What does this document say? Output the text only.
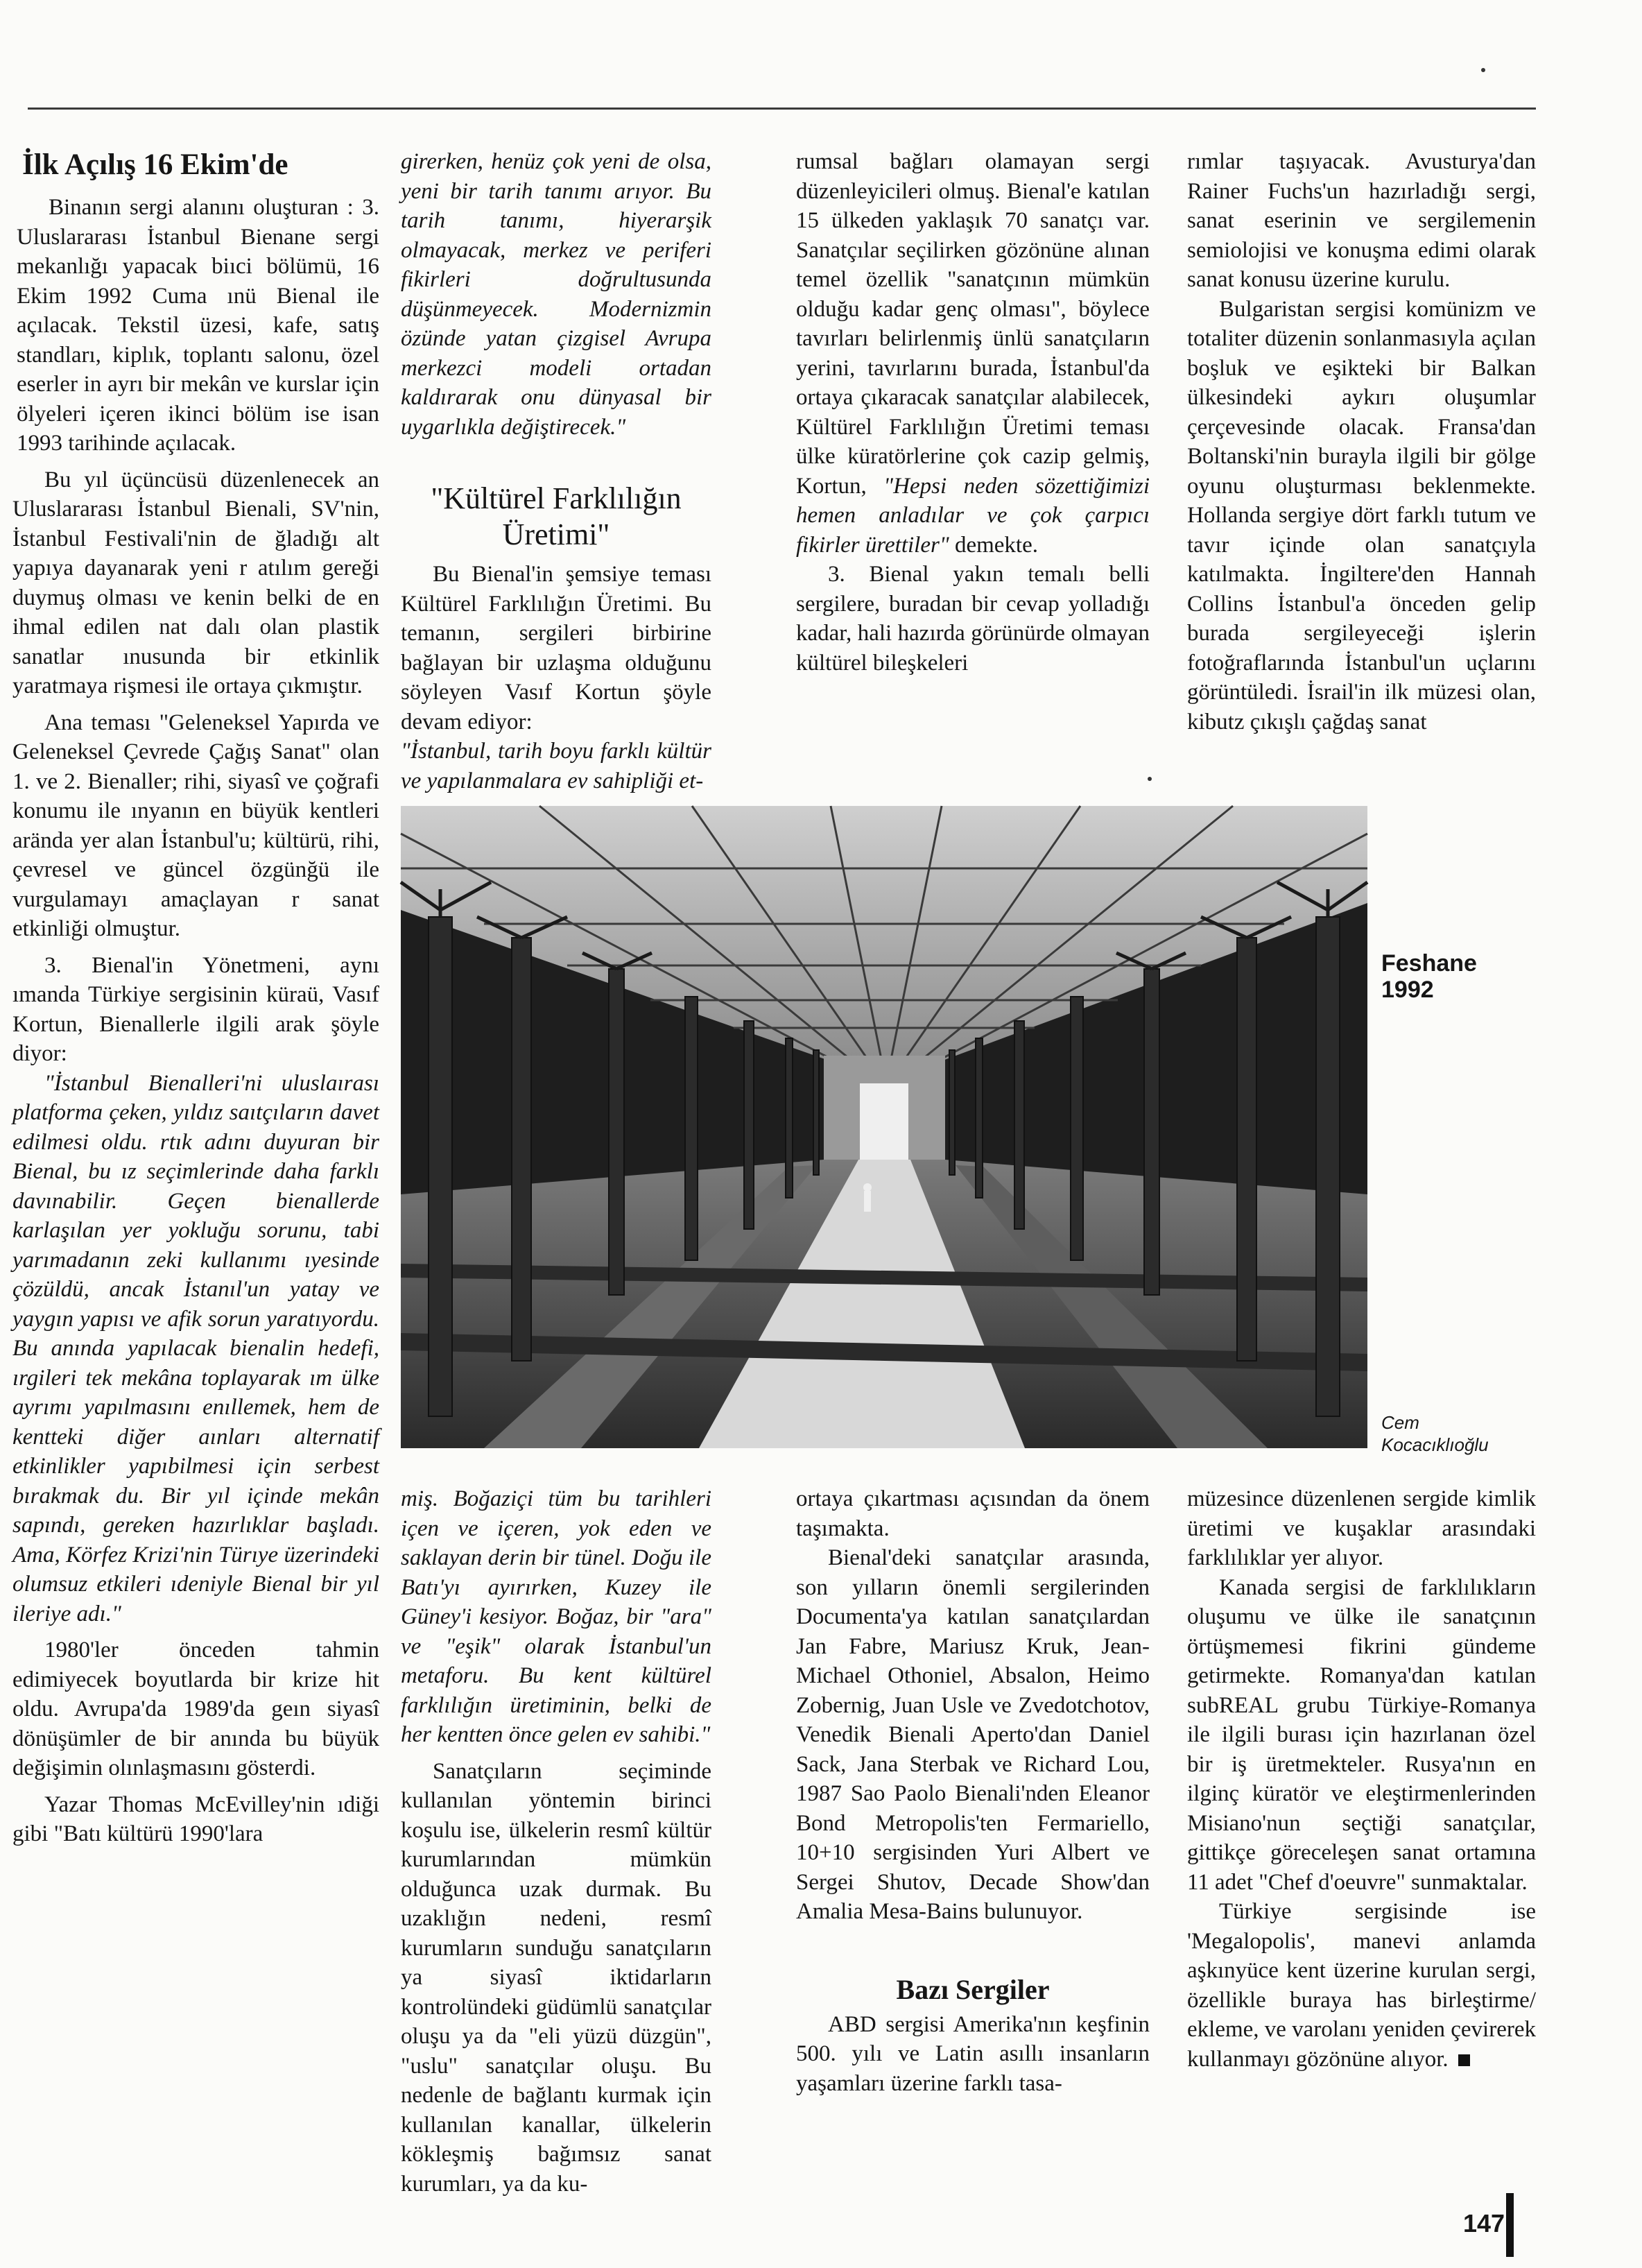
İlk Açılış 16 Ekim'de

Binanın sergi alanını oluşturan : 3. Uluslararası İstanbul Bienane sergi mekanlığı yapacak biıci bölümü, 16 Ekim 1992 Cuma ınü Bienal ile açılacak. Tekstil üzesi, kafe, satış standları, kiplık, toplantı salonu, özel eserler in ayrı bir mekân ve kurslar için ölyeleri içeren ikinci bölüm ise isan 1993 tarihinde açılacak.

Bu yıl üçüncüsü düzenlenecek an Uluslararası İstanbul Bienali, SV'nin, İstanbul Festivali'nin de ğladığı alt yapıya dayanarak yeni r atılım gereği duymuş olması ve kenin belki de en ihmal edilen nat dalı olan plastik sanatlar ınusunda bir etkinlik yaratmaya rişmesi ile ortaya çıkmıştır.

Ana teması "Geleneksel Yapırda ve Geleneksel Çevrede Çağış Sanat" olan 1. ve 2. Bienaller; rihi, siyasî ve çoğrafi konumu ile ınyanın en büyük kentleri arända yer alan İstanbul'u; kültürü, rihi, çevresel ve güncel özgünğü ile vurgulamayı amaçlayan r sanat etkinliği olmuştur.

3. Bienal'in Yönetmeni, aynı ımanda Türkiye sergisinin küraü, Vasıf Kortun, Bienallerle ilgili arak şöyle diyor:

"İstanbul Bienalleri'ni uluslaırası platforma çeken, yıldız saıtçıların davet edilmesi oldu. rtık adını duyuran bir Bienal, bu ız seçimlerinde daha farklı davınabilir. Geçen bienallerde karlaşılan yer yokluğu sorunu, tabi yarımadanın zeki kullanımı ıyesinde çözüldü, ancak İstanıl'un yatay ve yaygın yapısı ve afik sorun yaratıyordu. Bu anında yapılacak bienalin hedefi, ırgileri tek mekâna toplayarak ım ülke ayrımı yapılmasını enıllemek, hem de kentteki diğer aınları alternatif etkinlikler yapıbilmesi için serbest bırakmak du. Bir yıl içinde mekân sapındı, gereken hazırlıklar başladı. Ama, Körfez Krizi'nin Türıye üzerindeki olumsuz etkileri ıdeniyle Bienal bir yıl ileriye adı."

1980'ler önceden tahmin edimiyecek boyutlarda bir krize hit oldu. Avrupa'da 1989'da geın siyasî dönüşümler de bir anında bu büyük değişimin olınlaşmasını gösterdi.

Yazar Thomas McEvilley'nin ıdiği gibi "Batı kültürü 1990'lara

girerken, henüz çok yeni de olsa, yeni bir tarih tanımı arıyor. Bu tarih tanımı, hiyerarşik olmayacak, merkez ve periferi fikirleri doğrultusunda düşünmeyecek. Modernizmin özünde yatan çizgisel Avrupa merkezci modeli ortadan kaldırarak onu dünyasal bir uygarlıkla değiştirecek."

"Kültürel Farklılığın Üretimi"

Bu Bienal'in şemsiye teması Kültürel Farklılığın Üretimi. Bu temanın, sergileri birbirine bağlayan bir uzlaşma olduğunu söyleyen Vasıf Kortun şöyle devam ediyor:

"İstanbul, tarih boyu farklı kültür ve yapılanmalara ev sahipliği et-

rumsal bağları olamayan sergi düzenleyicileri olmuş. Bienal'e katılan 15 ülkeden yaklaşık 70 sanatçı var. Sanatçılar seçilirken gözönüne alınan temel özellik "sanatçının mümkün olduğu kadar genç olması", böylece tavırları belirlenmiş ünlü sanatçıların yerini, tavırlarını burada, İstanbul'da ortaya çıkaracak sanatçılar alabilecek, Kültürel Farklılığın Üretimi teması ülke küratörlerine çok cazip gelmiş, Kortun, "Hepsi neden sözettiğimizi hemen anladılar ve çok çarpıcı fikirler ürettiler" demekte.

3. Bienal yakın temalı belli sergilere, buradan bir cevap yolladığı kadar, hali hazırda görünürde olmayan kültürel bileşkeleri

rımlar taşıyacak. Avusturya'dan Rainer Fuchs'un hazırladığı sergi, sanat eserinin ve sergilemenin semiolojisi ve konuşma edimi olarak sanat konusu üzerine kurulu.

Bulgaristan sergisi komünizm ve totaliter düzenin sonlanmasıyla açılan boşluk ve eşikteki bir Balkan ülkesindeki aykırı oluşumlar çerçevesinde olacak. Fransa'dan Boltanski'nin burayla ilgili bir gölge oyunu oluşturması beklenmekte. Hollanda sergiye dört farklı tutum ve tavır içinde olan sanatçıyla katılmakta. İngiltere'den Hannah Collins İstanbul'a önceden gelip burada sergileyeceği işlerin fotoğraflarında İstanbul'un uçlarını görüntüledi. İsrail'in ilk müzesi olan, kibutz çıkışlı çağdaş sanat

Feshane
1992
Cem
Kocacıklıoğlu

miş. Boğaziçi tüm bu tarihleri içen ve içeren, yok eden ve saklayan derin bir tünel. Doğu ile Batı'yı ayırırken, Kuzey ile Güney'i kesiyor. Boğaz, bir "ara" ve "eşik" olarak İstanbul'un metaforu. Bu kent kültürel farklılığın üretiminin, belki de her kentten önce gelen ev sahibi."

Sanatçıların seçiminde kullanılan yöntemin birinci koşulu ise, ülkelerin resmî kültür kurumlarından mümkün olduğunca uzak durmak. Bu uzaklığın nedeni, resmî kurumların sunduğu sanatçıların ya siyasî iktidarların kontrolündeki güdümlü sanatçılar oluşu ya da "eli yüzü düzgün", "uslu" sanatçılar oluşu. Bu nedenle de bağlantı kurmak için kullanılan kanallar, ülkelerin kökleşmiş bağımsız sanat kurumları, ya da ku-

ortaya çıkartması açısından da önem taşımakta.

Bienal'deki sanatçılar arasında, son yılların önemli sergilerinden Documenta'ya katılan sanatçılardan Jan Fabre, Mariusz Kruk, Jean-Michael Othoniel, Absalon, Heimo Zobernig, Juan Usle ve Zvedotchotov, Venedik Bienali Aperto'dan Daniel Sack, Jana Sterbak ve Richard Lou, 1987 Sao Paolo Bienali'nden Eleanor Bond Metropolis'ten Fermariello, 10+10 sergisinden Yuri Albert ve Sergei Shutov, Decade Show'dan Amalia Mesa-Bains bulunuyor.

Bazı Sergiler

ABD sergisi Amerika'nın keşfinin 500. yılı ve Latin asıllı insanların yaşamları üzerine farklı tasa-

müzesince düzenlenen sergide kimlik üretimi ve kuşaklar arasındaki farklılıklar yer alıyor.

Kanada sergisi de farklılıkların oluşumu ve ülke ile sanatçının örtüşmemesi fikrini gündeme getirmekte. Romanya'dan katılan subREAL grubu Türkiye-Romanya ile ilgili burası için hazırlanan özel bir iş üretmekteler. Rusya'nın en ilginç küratör ve eleştirmenlerinden Misiano'nun seçtiği sanatçılar, gittikçe göreceleşen sanat ortamına 11 adet "Chef d'oeuvre" sunmaktalar.

Türkiye sergisinde ise 'Megalopolis', manevi anlamda aşkınyüce kent üzerine kurulan sergi, özellikle buraya has birleştirme/ ekleme, ve varolanı yeniden çevirerek kullanmayı gözönüne alıyor.

147
